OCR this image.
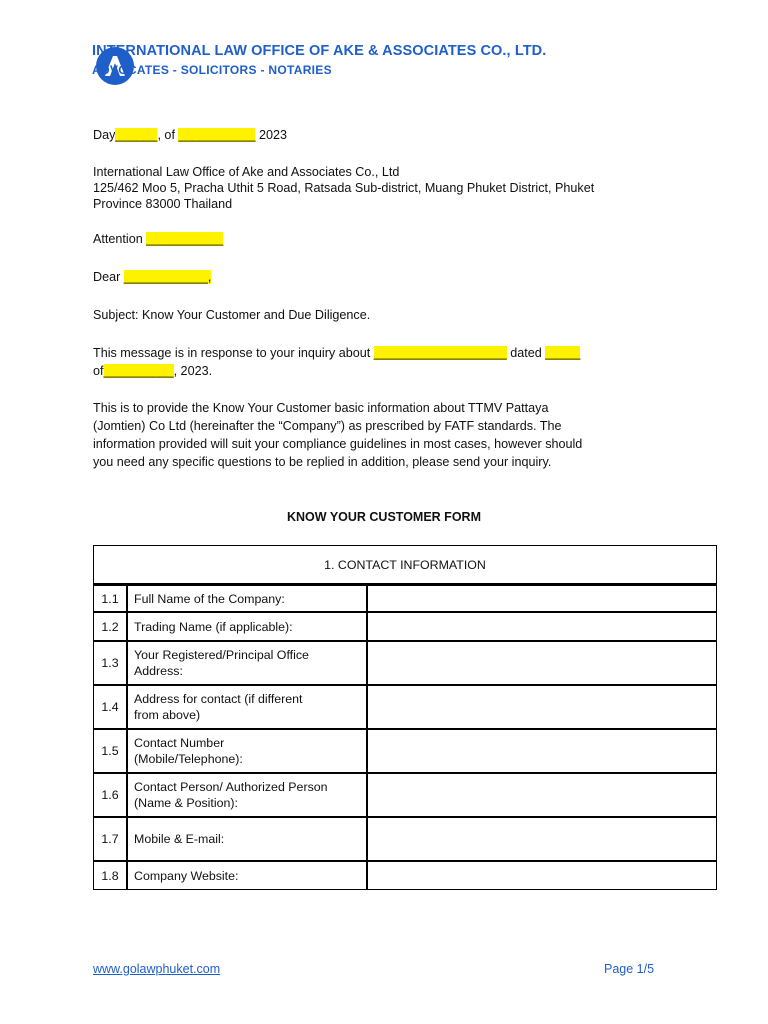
INTERNATIONAL LAW OFFICE OF AKE & ASSOCIATES CO., LTD.
ADVOCATES - SOLICITORS - NOTARIES
Day______, of ___________ 2023
International Law Office of Ake and Associates Co., Ltd
125/462 Moo 5, Pracha Uthit 5 Road, Ratsada Sub-district, Muang Phuket District, Phuket
Province 83000 Thailand
Attention ___________
Dear ____________,
Subject: Know Your Customer and Due Diligence.
This message is in response to your inquiry about ___________________ dated _____
of__________, 2023.
This is to provide the Know Your Customer basic information about TTMV Pattaya
(Jomtien) Co Ltd (hereinafter the “Company”) as prescribed by FATF standards. The
information provided will suit your compliance guidelines in most cases, however should
you need any specific questions to be replied in addition, please send your inquiry.
KNOW YOUR CUSTOMER FORM
1. CONTACT INFORMATION		
1.1	Full Name of the Company:	
1.2	Trading Name (if applicable):	
1.3	Your Registered/Principal Office
Address:	
1.4	Address for contact (if different
from above)	
1.5	Contact Number
(Mobile/Telephone):	
1.6	Contact Person/ Authorized Person
(Name & Position):	
1.7	Mobile & E-mail:	
1.8	Company Website:	
www.golawphuket.com	Page 1/5
